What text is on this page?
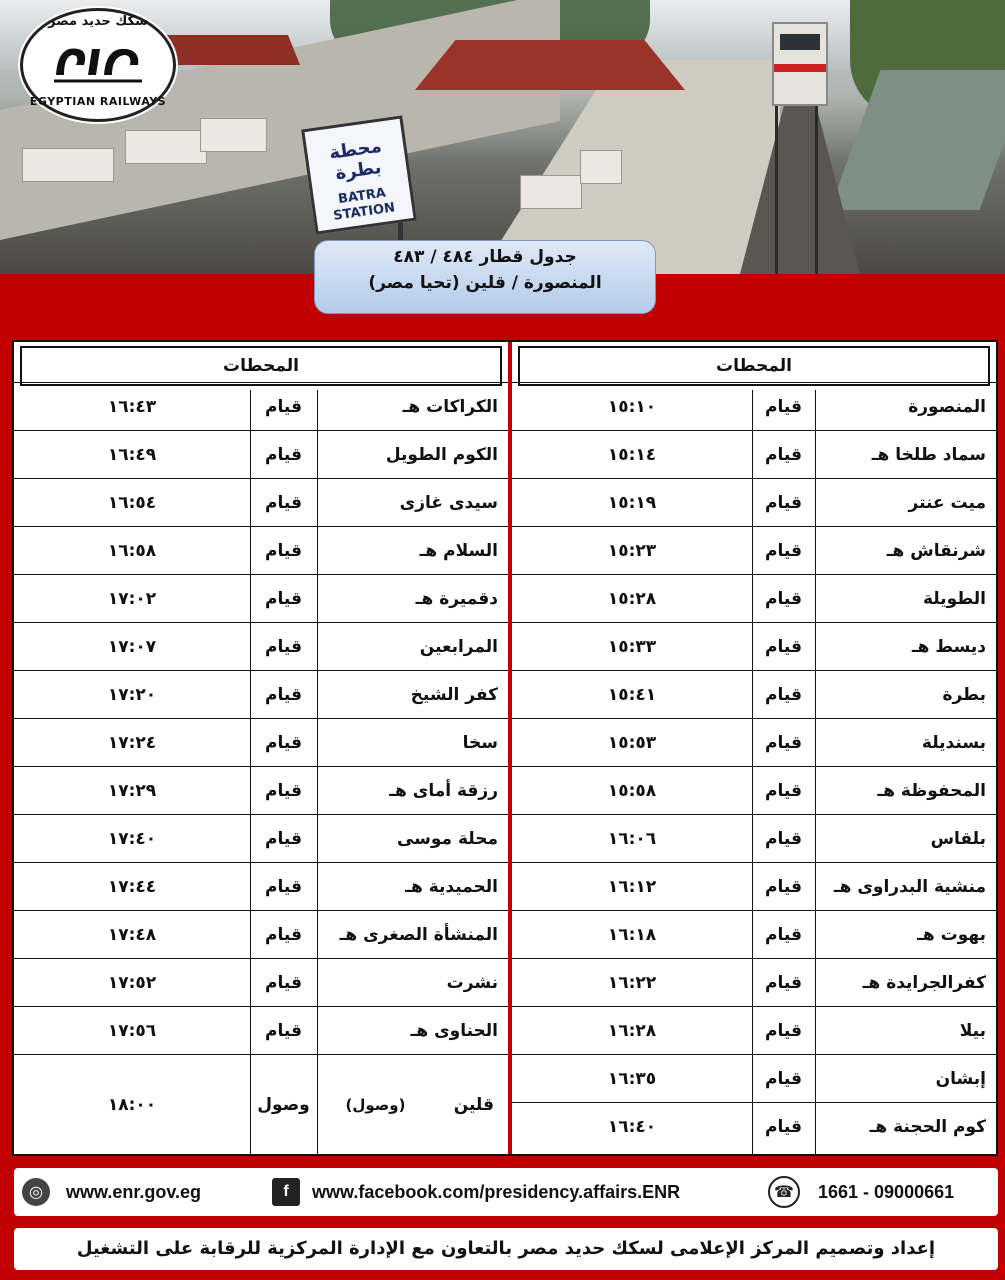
محطة بطرة
BATRA STATION
سكك حديد مصر
EGYPTIAN RAILWAYS
جدول قطار ٤٨٤ / ٤٨٣
المنصورة / قلين (تحيا مصر)
المحطات
١٥:١٠	قيام	المنصورة
١٥:١٤	قيام	سماد طلخا هـ
١٥:١٩	قيام	ميت عنتر
١٥:٢٣	قيام	شرنقاش هـ
١٥:٢٨	قيام	الطويلة
١٥:٣٣	قيام	ديسط هـ
١٥:٤١	قيام	بطرة
١٥:٥٣	قيام	بسنديلة
١٥:٥٨	قيام	المحفوظة هـ
١٦:٠٦	قيام	بلقاس
١٦:١٢	قيام	منشية البدراوى هـ
١٦:١٨	قيام	بهوت هـ
١٦:٢٢	قيام	كفرالجرايدة هـ
١٦:٢٨	قيام	بيلا
١٦:٣٥	قيام	إبشان
١٦:٤٠	قيام	كوم الحجنة هـ
المحطات
١٦:٤٣	قيام	الكراكات هـ
١٦:٤٩	قيام	الكوم الطويل
١٦:٥٤	قيام	سيدى غازى
١٦:٥٨	قيام	السلام هـ
١٧:٠٢	قيام	دقميرة هـ
١٧:٠٧	قيام	المرابعين
١٧:٢٠	قيام	كفر الشيخ
١٧:٢٤	قيام	سخا
١٧:٢٩	قيام	رزقة أماى هـ
١٧:٤٠	قيام	محلة موسى
١٧:٤٤	قيام	الحميدية هـ
١٧:٤٨	قيام	المنشأة الصغرى هـ
١٧:٥٢	قيام	نشرت
١٧:٥٦	قيام	الحناوى هـ
١٨:٠٠	وصول	قلين
(وصول)
◎	www.enr.gov.eg	f	www.facebook.com/presidency.affairs.ENR	☎	1661 - 09000661
إعداد وتصميم المركز الإعلامى لسكك حديد مصر بالتعاون مع الإدارة المركزية للرقابة على التشغيل
